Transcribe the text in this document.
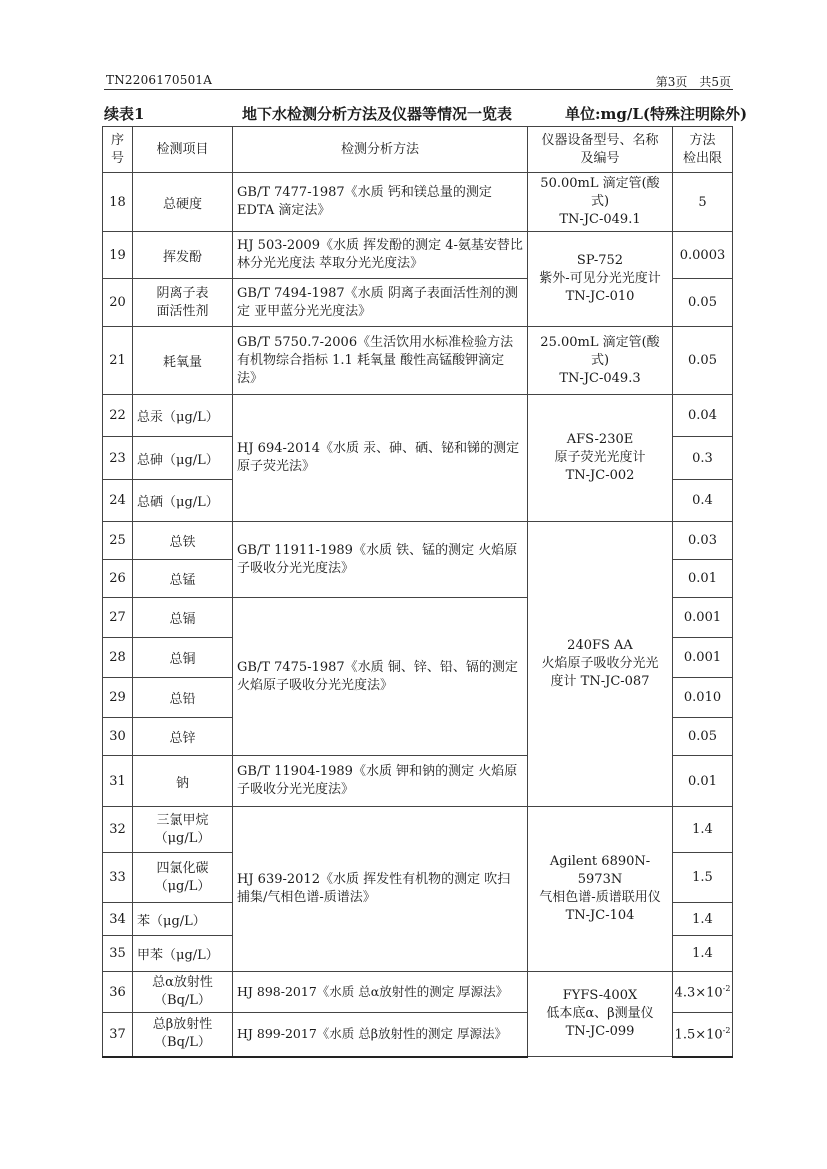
TN2206170501A	第3页　共5页
续表1	地下水检测分析方法及仪器等情况一览表	单位:mg/L(特殊注明除外)
序号	检测项目	检测分析方法	仪器设备型号、名称
及编号	方法
检出限
18	总硬度	GB/T 7477-1987《水质 钙和镁总量的测定 EDTA 滴定法》	50.00mL 滴定管(酸式)
TN-JC-049.1	5
19	挥发酚	HJ 503-2009《水质 挥发酚的测定 4-氨基安替比林分光光度法 萃取分光光度法》	SP-752
紫外-可见分光光度计
TN-JC-010	0.0003
20	阴离子表
面活性剂	GB/T 7494-1987《水质 阴离子表面活性剂的测定 亚甲蓝分光光度法》		0.05
21	耗氧量	GB/T 5750.7-2006《生活饮用水标准检验方法 有机物综合指标 1.1 耗氧量 酸性高锰酸钾滴定法》	25.00mL 滴定管(酸式)
TN-JC-049.3	0.05
22	总汞（μg/L）	HJ 694-2014《水质 汞、砷、硒、铋和锑的测定 原子荧光法》	AFS-230E
原子荧光光度计
TN-JC-002	0.04
23	总砷（μg/L）			0.3
24	总硒（μg/L）			0.4
25	总铁	GB/T 11911-1989《水质 铁、锰的测定 火焰原子吸收分光光度法》	240FS AA
火焰原子吸收分光光
度计 TN-JC-087	0.03
26	总锰			0.01
27	总镉	GB/T 7475-1987《水质 铜、锌、铅、镉的测定 火焰原子吸收分光光度法》		0.001
28	总铜			0.001
29	总铅			0.010
30	总锌			0.05
31	钠	GB/T 11904-1989《水质 钾和钠的测定 火焰原子吸收分光光度法》		0.01
32	三氯甲烷
（μg/L）	HJ 639-2012《水质 挥发性有机物的测定 吹扫捕集/气相色谱-质谱法》	Agilent 6890N-5973N
气相色谱-质谱联用仪
TN-JC-104	1.4
33	四氯化碳
（μg/L）			1.5
34	苯（μg/L）			1.4
35	甲苯（μg/L）			1.4
36	总α放射性
（Bq/L）	HJ 898-2017《水质 总α放射性的测定 厚源法》	FYFS-400X
低本底α、β测量仪
TN-JC-099	$4.3\times 10^{-2}$
37	总β放射性
（Bq/L）	HJ 899-2017《水质 总β放射性的测定 厚源法》		$1.5\times 10^{-2}$
